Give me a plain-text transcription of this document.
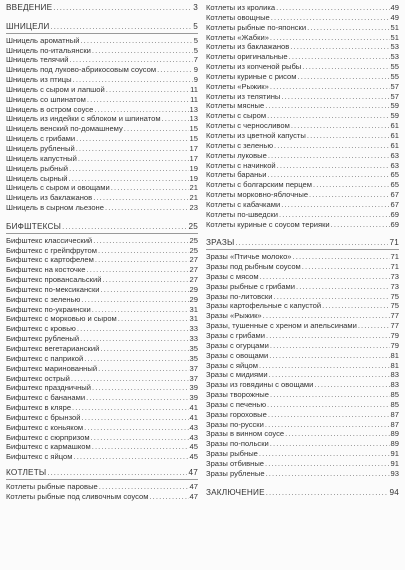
ВВЕДЕНИЕ . . .	3
ШНИЦЕЛИ . . .	5
Шницель ароматный . . .	5
Шницель по-итальянски . . .	5
Шницель телячий . . .	7
Шницель под луково-абрикосовым соусом . . .	9
Шницель из птицы . . .	9
Шницель с сыром и лапшой . . .	11
Шницель со шпинатом . . .	11
Шницель в остром соусе . . .	13
Шницель из индейки с яблоком и шпинатом . . .	13
Шницель венский по-домашнему . . .	15
Шницель с грибами . . .	15
Шницель рубленый . . .	17
Шницель капустный . . .	17
Шницель рыбный . . .	19
Шницель сырный . . .	19
Шницель с сыром и овощами . . .	21
Шницель из баклажанов . . .	21
Шницель в сырном льезоне . . .	23
БИФШТЕКСЫ . . .	25
Бифштекс классический . . .	25
Бифштекс с грейпфрутом . . .	25
Бифштекс с картофелем . . .	27
Бифштекс на косточке . . .	27
Бифштекс провансальский . . .	27
Бифштекс по-мексикански . . .	29
Бифштекс с зеленью . . .	29
Бифштекс по-украински . . .	31
Бифштекс с морковью и сыром . . .	31
Бифштекс с кровью . . .	33
Бифштекс рубленый . . .	33
Бифштекс вегетарианский . . .	35
Бифштекс с паприкой . . .	35
Бифштекс маринованный . . .	37
Бифштекс острый . . .	37
Бифштекс праздничный . . .	39
Бифштекс с бананами . . .	39
Бифштекс в кляре . . .	41
Бифштекс с брынзой . . .	41
Бифштекс с коньяком . . .	43
Бифштекс с сюрпризом . . .	43
Бифштекс с кармашком . . .	45
Бифштекс с яйцом . . .	45
КОТЛЕТЫ . . .	47
Котлеты рыбные паровые . . .	47
Котлеты рыбные под сливочным соусом . . .	47
Котлеты из кролика . . .	49
Котлеты овощные . . .	49
Котлеты рыбные по-японски . . .	51
Котлеты «Жабки» . . .	51
Котлеты из баклажанов . . .	53
Котлеты оригинальные . . .	53
Котлеты из копченой рыбы . . .	55
Котлеты куриные с рисом . . .	55
Котлеты «Рыжик» . . .	57
Котлеты из телятины . . .	57
Котлеты мясные . . .	59
Котлеты с сыром . . .	59
Котлеты с черносливом . . .	61
Котлеты из цветной капусты . . .	61
Котлеты с зеленью . . .	61
Котлеты луковые . . .	63
Котлеты с начинкой . . .	63
Котлеты бараньи . . .	65
Котлеты с болгарским перцем . . .	65
Котлеты морковно-яблочные . . .	67
Котлеты с кабачками . . .	67
Котлеты по-шведски . . .	69
Котлеты куриные с соусом терияки . . .	69
ЗРАЗЫ . . .	71
Зразы «Птичье молоко» . . .	71
Зразы под рыбным соусом . . .	71
Зразы с мясом . . .	73
Зразы рыбные с грибами . . .	73
Зразы по-литовски . . .	75
Зразы картофельные с капустой . . .	75
Зразы «Рыжик» . . .	77
Зразы, тушенные с хреном и апельсинами . . .	77
Зразы с грибами . . .	79
Зразы с огурцами . . .	79
Зразы с овощами . . .	81
Зразы с яйцом . . .	81
Зразы с мидиями . . .	83
Зразы из говядины с овощами . . .	83
Зразы творожные . . .	85
Зразы с печенью . . .	85
Зразы гороховые . . .	87
Зразы по-русски . . .	87
Зразы в винном соусе . . .	89
Зразы по-польски . . .	89
Зразы рыбные . . .	91
Зразы отбивные . . .	91
Зразы рубленые . . .	93
ЗАКЛЮЧЕНИЕ . . .	94
